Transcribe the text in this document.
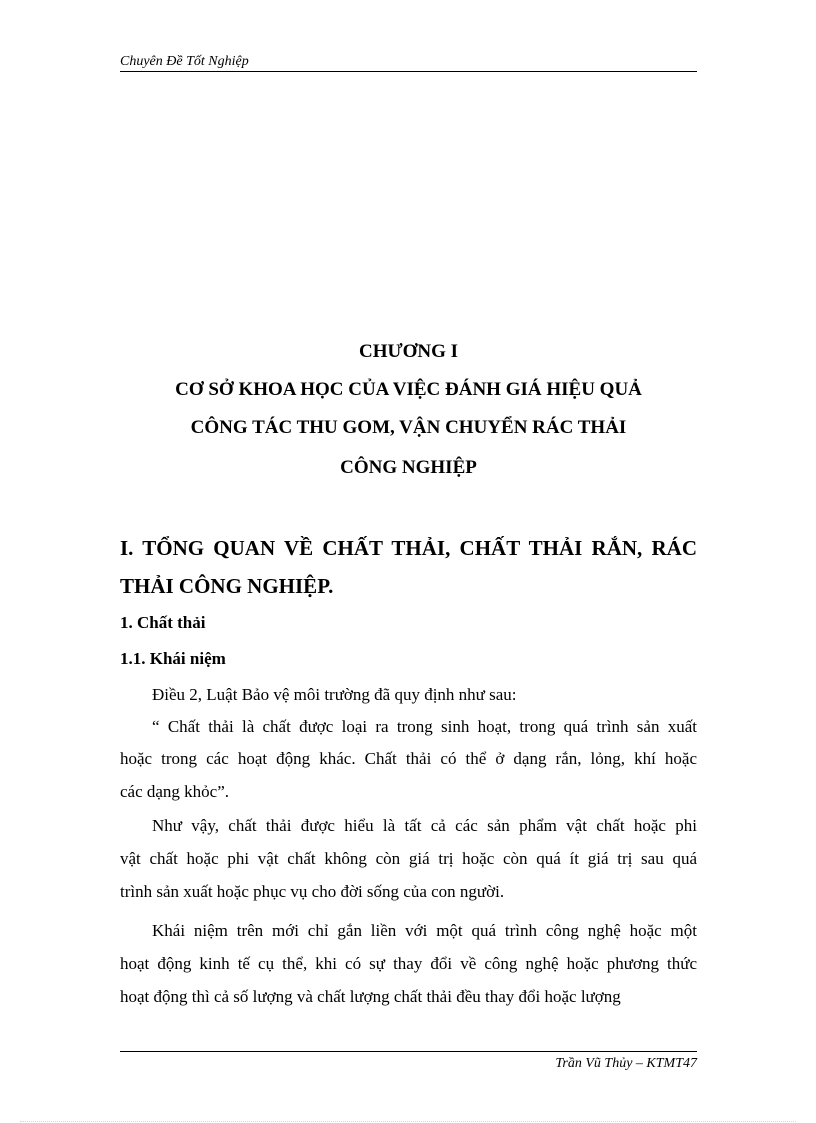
Chuyên Đề Tốt Nghiệp
CHƯƠNG I
CƠ SỞ KHOA HỌC CỦA VIỆC ĐÁNH GIÁ HIỆU QUẢ
CÔNG TÁC THU GOM, VẬN CHUYỂN RÁC THẢI
CÔNG NGHIỆP
I. TỔNG QUAN VỀ CHẤT THẢI, CHẤT THẢI RẮN, RÁC
THẢI CÔNG NGHIỆP.
1. Chất thải
1.1. Khái niệm
Điều 2, Luật Bảo vệ môi trường đã quy định như sau:
“ Chất thải là chất được loại ra trong sinh hoạt, trong quá trình sản xuất
hoặc trong các hoạt động khác. Chất thải có thể ở dạng rắn, lỏng, khí hoặc
các dạng khỏc”.
Như vậy, chất thải được hiểu là tất cả các sản phẩm vật chất hoặc phi
vật chất hoặc phi vật chất không còn giá trị hoặc còn quá ít giá trị sau quá
trình sản xuất hoặc phục vụ cho đời sống của con người.
Khái niệm trên mới chỉ gắn liền với một quá trình công nghệ hoặc một
hoạt động kinh tế cụ thể, khi có sự thay đổi về công nghệ hoặc phương thức
hoạt động thì cả số lượng và chất lượng chất thải đều thay đổi hoặc lượng
Trần Vũ Thủy – KTMT47
